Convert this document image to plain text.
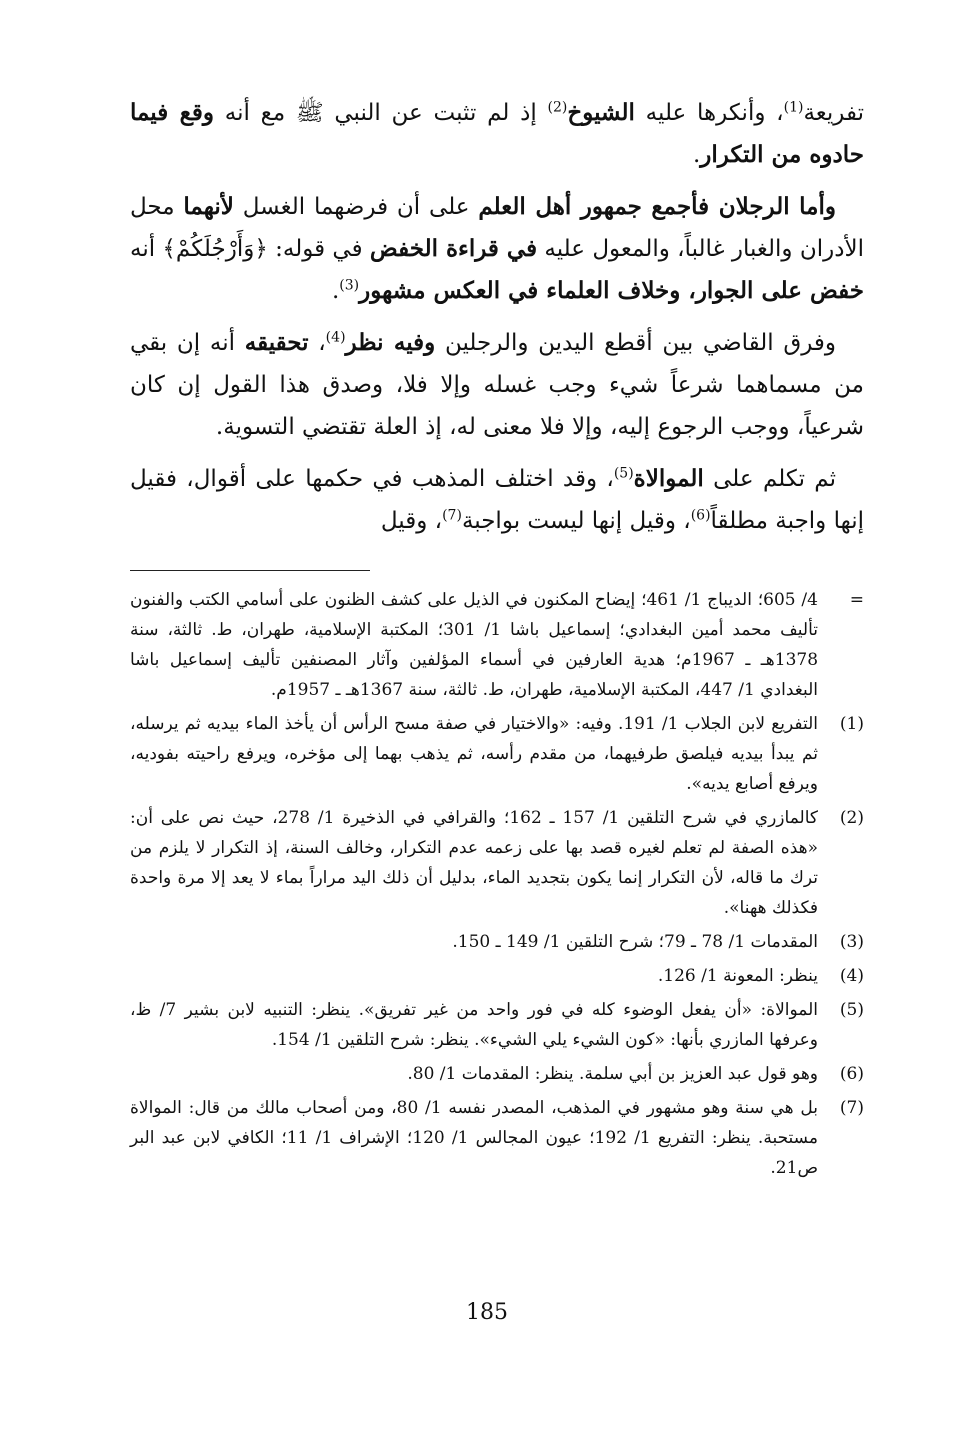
تفريعة$^{(1)}$، وأنكرها عليه الشيوخ$^{(2)}$ إذ لم تثبت عن النبي ﷺ مع أنه وقع فيما حادوه من التكرار.

وأما الرجلان فأجمع جمهور أهل العلم على أن فرضهما الغسل لأنهما محل الأدران والغبار غالباً، والمعول عليه في قراءة الخفض في قوله: ﴿وَأَرْجُلَكُمْ﴾ أنه خفض على الجوار، وخلاف العلماء في العكس مشهور$^{(3)}$.

وفرق القاضي بين أقطع اليدين والرجلين وفيه نظر$^{(4)}$، تحقيقه أنه إن بقي من مسماهما شرعاً شيء وجب غسله وإلا فلا، وصدق هذا القول إن كان شرعياً، ووجب الرجوع إليه، وإلا فلا معنى له، إذ العلة تقتضي التسوية.

ثم تكلم على الموالاة$^{(5)}$، وقد اختلف المذهب في حكمها على أقوال، فقيل إنها واجبة مطلقاً$^{(6)}$، وقيل إنها ليست بواجبة$^{(7)}$، وقيل

=
4/ 605؛ الديباج 1/ 461؛ إيضاح المكنون في الذيل على كشف الظنون على أسامي الكتب والفنون تأليف محمد أمين البغدادي؛ إسماعيل باشا 1/ 301؛ المكتبة الإسلامية، طهران، ط. ثالثة، سنة 1378هـ ـ 1967م؛ هدية العارفين في أسماء المؤلفين وآثار المصنفين تأليف إسماعيل باشا البغدادي 1/ 447، المكتبة الإسلامية، طهران، ط. ثالثة، سنة 1367هـ ـ 1957م.
(1)
التفريع لابن الجلاب 1/ 191. وفيه: «والاختيار في صفة مسح الرأس أن يأخذ الماء بيديه ثم يرسله، ثم يبدأ بيديه فيلصق طرفيهما، من مقدم رأسه، ثم يذهب بهما إلى مؤخره، ويرفع راحيته بفوديه، ويرفع أصابع يديه».
(2)
كالمازري في شرح التلقين 1/ 157 ـ 162؛ والقرافي في الذخيرة 1/ 278، حيث نص على أن: «هذه الصفة لم تعلم لغيره قصد بها على زعمه عدم التكرار، وخالف السنة، إذ التكرار لا يلزم من ترك ما قاله، لأن التكرار إنما يكون بتجديد الماء، بدليل أن ذلك اليد مراراً بماء لا يعد إلا مرة واحدة فكذلك ههنا».
(3)
المقدمات 1/ 78 ـ 79؛ شرح التلقين 1/ 149 ـ 150.
(4)
ينظر: المعونة 1/ 126.
(5)
الموالاة: «أن يفعل الوضوء كله في فور واحد من غير تفريق». ينظر: التنبيه لابن بشير 7/ ظ، وعرفها المازري بأنها: «كون الشيء يلي الشيء». ينظر: شرح التلقين 1/ 154.
(6)
وهو قول عبد العزيز بن أبي سلمة. ينظر: المقدمات 1/ 80.
(7)
بل هي سنة وهو مشهور في المذهب، المصدر نفسه 1/ 80، ومن أصحاب مالك من قال: الموالاة مستحبة. ينظر: التفريع 1/ 192؛ عيون المجالس 1/ 120؛ الإشراف 1/ 11؛ الكافي لابن عبد البر ص21.
185
